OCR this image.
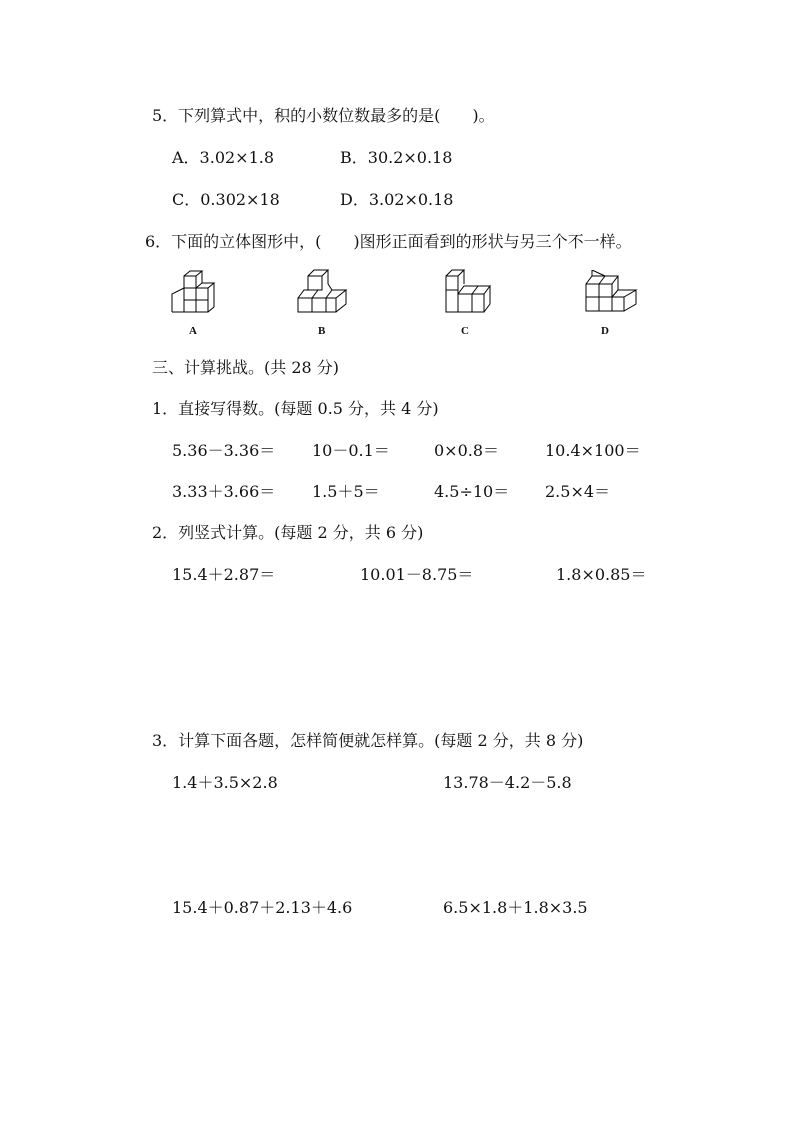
5．下列算式中，积的小数位数最多的是(　　)。
A．3.02×1.8	B．30.2×0.18
C．0.302×18	D．3.02×0.18
6．下面的立体图形中，(　　)图形正面看到的形状与另三个不一样。
A	B	C	D
三、计算挑战。(共 28 分)
1．直接写得数。(每题 0.5 分，共 4 分)
5.36－3.36＝ 10－0.1＝	0×0.8＝	10.4×100＝
3.33＋3.66＝ 1.5＋5＝	4.5÷10＝ 2.5×4＝
2．列竖式计算。(每题 2 分，共 6 分)
15.4＋2.87＝	10.01－8.75＝	1.8×0.85＝
3．计算下面各题，怎样简便就怎样算。(每题 2 分，共 8 分)
1.4＋3.5×2.8	13.78－4.2－5.8
15.4＋0.87＋2.13＋4.6	6.5×1.8＋1.8×3.5
